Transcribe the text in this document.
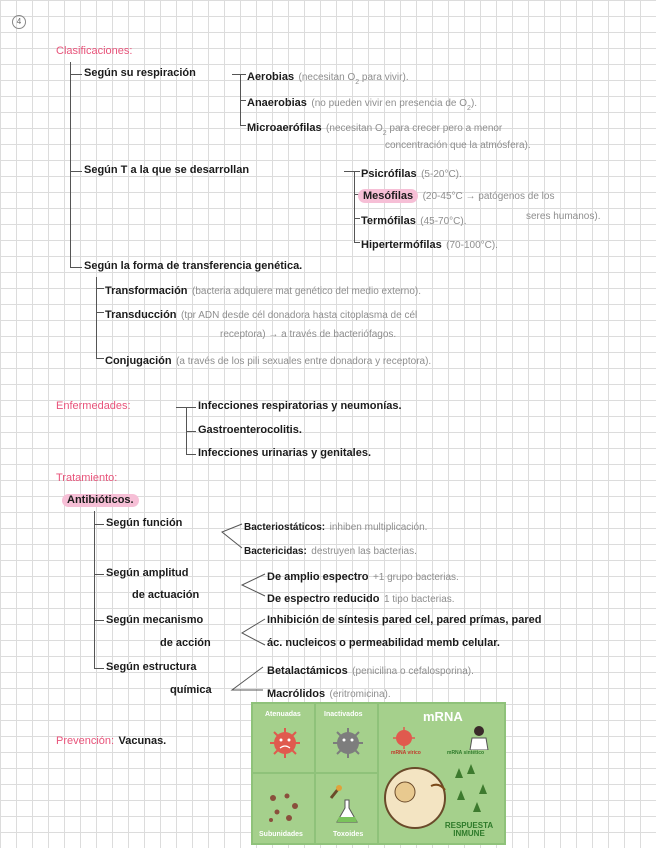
4
Clasificaciones:
Según su respiración	Aerobias (necesitan $O_2$ para vivir).
Anaerobias (no pueden vivir en presencia de $O_2$).
Microaerófilas (necesitan $O_2$ para crecer pero a menor
concentración que la atmósfera).
Según T a la que se desarrollan	Psicrófilas (5-20°C).
Mesófilas (20-45°C → patógenos de los
Termófilas (45-70°C).	seres humanos).
Hipertermófilas (70-100°C).
Según la forma de transferencia genética.
Transformación (bacteria adquiere mat genético del medio externo).
Transducción (tpr ADN desde cél donadora hasta citoplasma de cél
receptora) → a través de bacteriófagos.
Conjugación (a través de los pili sexuales entre donadora y receptora).
Enfermedades:	Infecciones respiratorias y neumonías.
Gastroenterocolitis.
Infecciones urinarias y genitales.
Tratamiento:
Antibióticos.
Según función	Bacteriostáticos: inhiben multiplicación.
Bactericidas: destruyen las bacterias.
Según amplitud
de actuación
De amplio espectro +1 grupo bacterias.
De espectro reducido 1 tipo bacterias.
Según mecanismo
de acción
Inhibición de síntesis pared cel, pared prímas, pared
ác. nucleicos o permeabilidad memb celular.
Según estructura
química
Betalactámicos (penicilina o cefalosporina).
Macrólidos (eritromicina).
Prevención: Vacunas.
Atenuadas	Inactivados
Subunidades	Toxoides
mRNA
mRNA vírico	mRNA sintético
RESPUESTA
INMUNE
